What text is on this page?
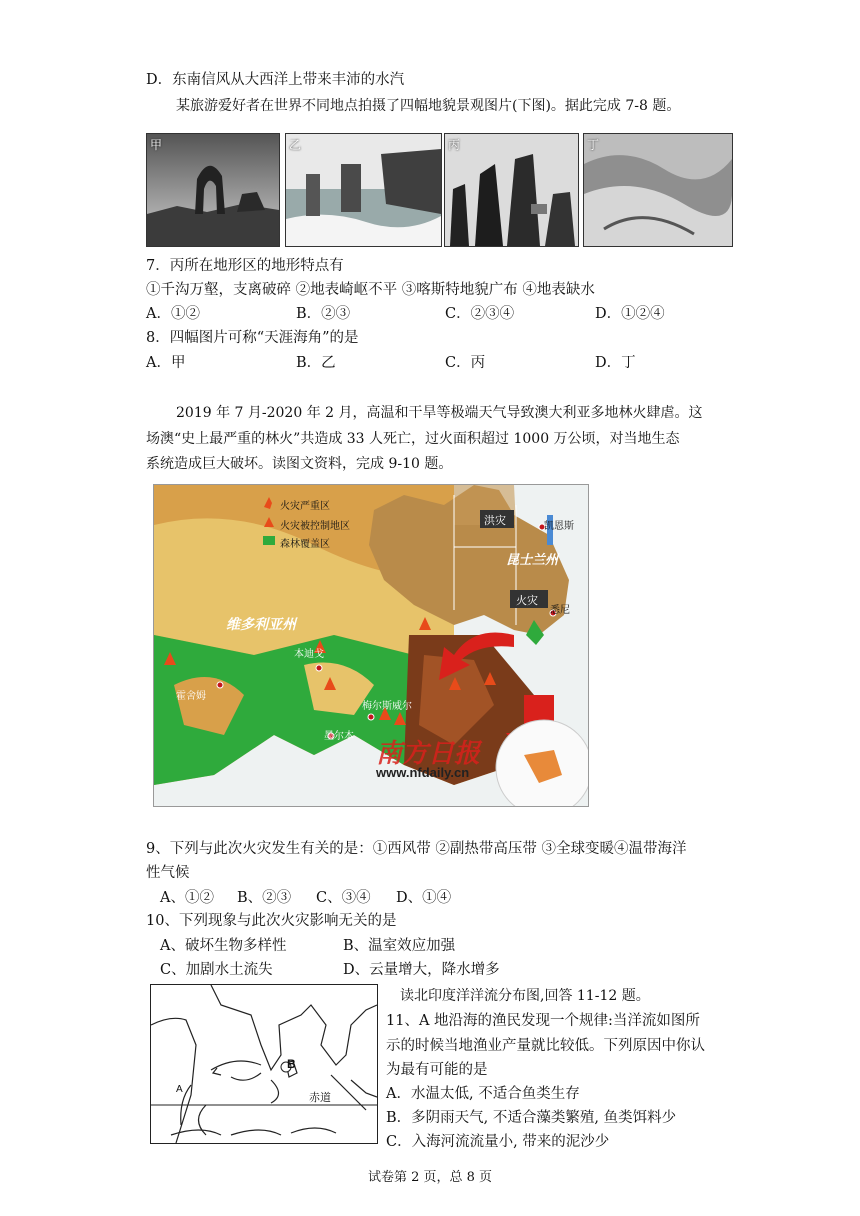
D．东南信风从大西洋上带来丰沛的水汽
某旅游爱好者在世界不同地点拍摄了四幅地貌景观图片(下图)。据此完成 7-8 题。
甲	乙	丙	丁
7．丙所在地形区的地形特点有
①千沟万壑，支离破碎 ②地表崎岖不平 ③喀斯特地貌广布 ④地表缺水
A．①②	B．②③	C．②③④	D．①②④
8．四幅图片可称“天涯海角”的是
A．甲	B．乙	C．丙	D．丁
2019 年 7 月-2020 年 2 月，高温和干旱等极端天气导致澳大利亚多地林火肆虐。这
场澳“史上最严重的林火”共造成 33 人死亡，过火面积超过 1000 万公顷，对当地生态
系统造成巨大破坏。读图文资料，完成 9-10 题。
火灾严重区
火灾被控制地区
森林覆盖区
洪灾
火灾
昆士兰州
维多利亚州
凯恩斯
悉尼
本迪戈
霍舍姆
梅尔斯威尔
墨尔本
南方日报
www.nfdaily.cn
9、下列与此次火灾发生有关的是：①西风带 ②副热带高压带 ③全球变暖④温带海洋
性气候
A、①② B、②③ C、③④ D、①④
10、下列现象与此次火灾影响无关的是
A、破坏生物多样性	B、温室效应加强
C、加剧水土流失	D、云量增大，降水增多
B
A
赤道
读北印度洋洋流分布图,回答 11-12 题。
11、A 地沿海的渔民发现一个规律:当洋流如图所
示的时候当地渔业产量就比较低。下列原因中你认
为最有可能的是
A．水温太低, 不适合鱼类生存
B．多阴雨天气, 不适合藻类繁殖, 鱼类饵料少
C．入海河流流量小, 带来的泥沙少
试卷第 2 页，总 8 页
